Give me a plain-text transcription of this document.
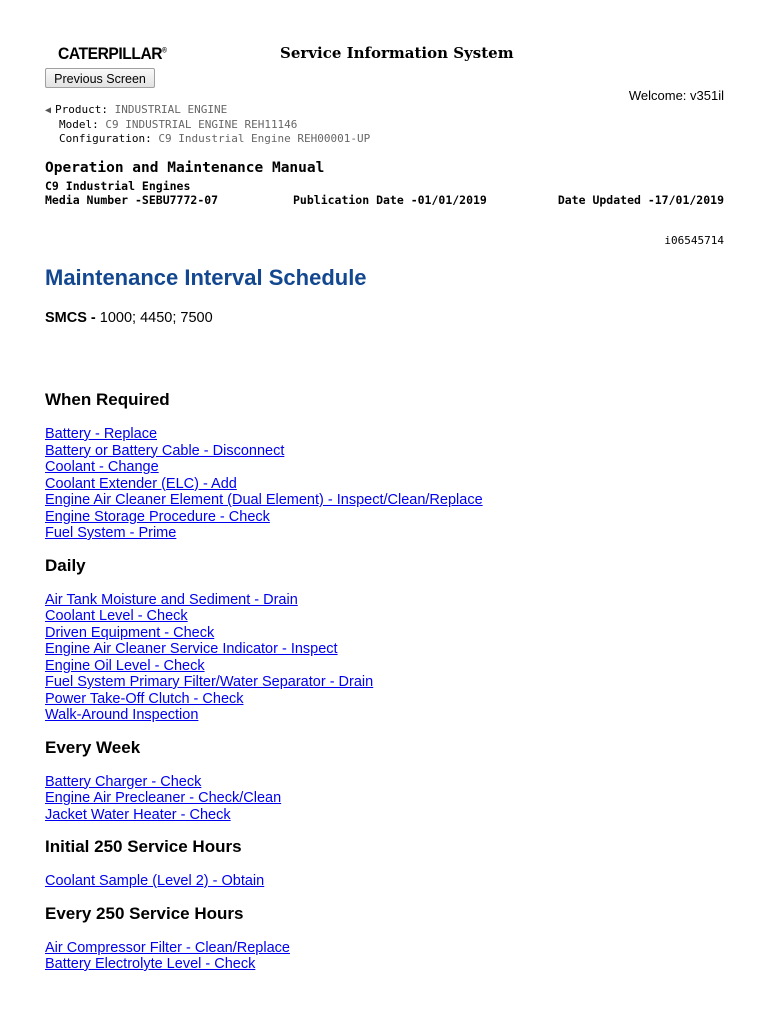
CATERPILLAR®	Service Information System
Previous Screen
Welcome: v351il
◀ Product: INDUSTRIAL ENGINE
Model: C9 INDUSTRIAL ENGINE REH11146
Configuration: C9 Industrial Engine REH00001-UP
Operation and Maintenance Manual
C9 Industrial Engines
Media Number -SEBU7772-07	Publication Date -01/01/2019	Date Updated -17/01/2019
i06545714
Maintenance Interval Schedule
SMCS - 1000; 4450; 7500
When Required
Battery - Replace
Battery or Battery Cable - Disconnect
Coolant - Change
Coolant Extender (ELC) - Add
Engine Air Cleaner Element (Dual Element) - Inspect/Clean/Replace
Engine Storage Procedure - Check
Fuel System - Prime
Daily
Air Tank Moisture and Sediment - Drain
Coolant Level - Check
Driven Equipment - Check
Engine Air Cleaner Service Indicator - Inspect
Engine Oil Level - Check
Fuel System Primary Filter/Water Separator - Drain
Power Take-Off Clutch - Check
Walk-Around Inspection
Every Week
Battery Charger - Check
Engine Air Precleaner - Check/Clean
Jacket Water Heater - Check
Initial 250 Service Hours
Coolant Sample (Level 2) - Obtain
Every 250 Service Hours
Air Compressor Filter - Clean/Replace
Battery Electrolyte Level - Check
